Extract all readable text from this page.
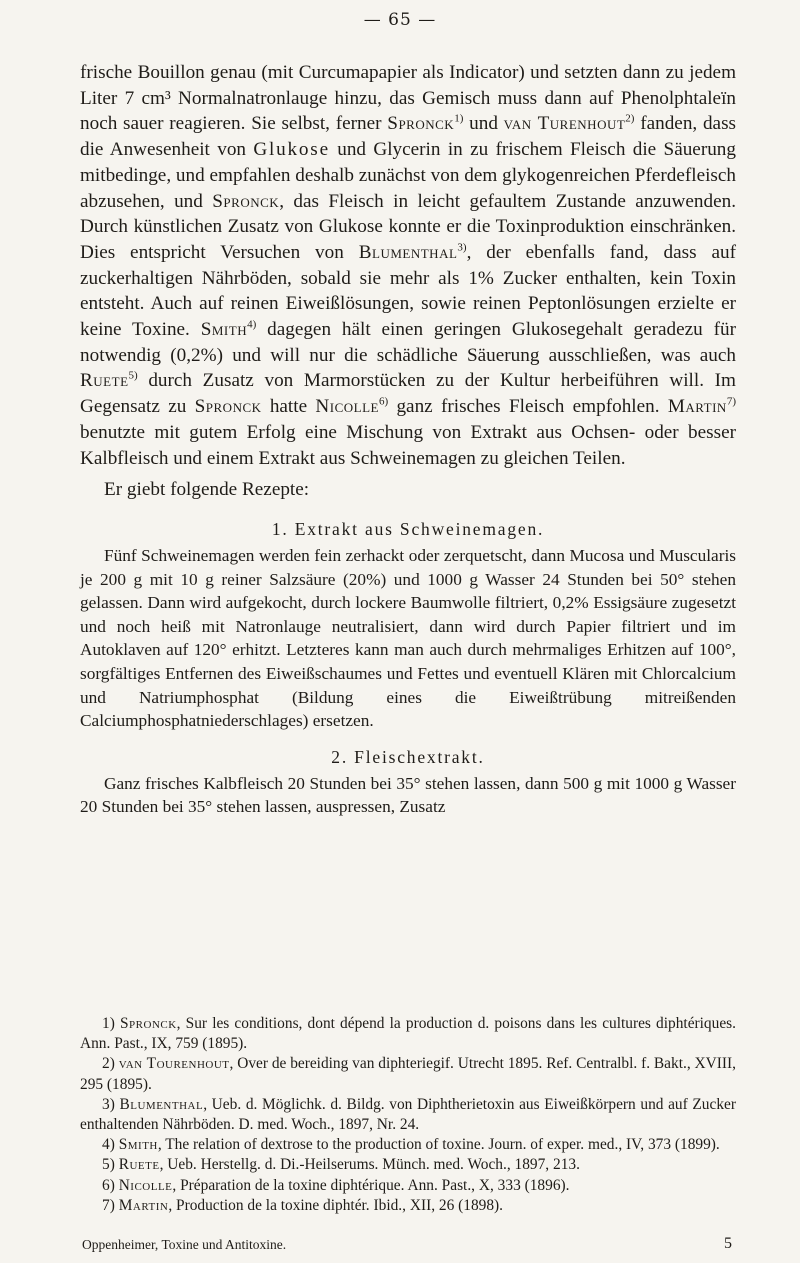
— 65 —

frische Bouillon genau (mit Curcumapapier als Indicator) und setzten dann zu jedem Liter 7 cm³ Normalnatronlauge hinzu, das Gemisch muss dann auf Phenolphtaleïn noch sauer reagieren. Sie selbst, ferner Spronck$^{1)}$ und van Turenhout$^{2)}$ fanden, dass die Anwesenheit von Glukose und Glycerin in zu frischem Fleisch die Säuerung mitbedinge, und empfahlen deshalb zunächst von dem glykogenreichen Pferdefleisch abzusehen, und Spronck, das Fleisch in leicht gefaultem Zustande anzuwenden. Durch künstlichen Zusatz von Glukose konnte er die Toxinproduktion einschränken. Dies entspricht Versuchen von Blumenthal$^{3)}$, der ebenfalls fand, dass auf zuckerhaltigen Nährböden, sobald sie mehr als 1% Zucker enthalten, kein Toxin entsteht. Auch auf reinen Eiweißlösungen, sowie reinen Peptonlösungen erzielte er keine Toxine. Smith$^{4)}$ dagegen hält einen geringen Glukosegehalt geradezu für notwendig (0,2%) und will nur die schädliche Säuerung ausschließen, was auch Ruete$^{5)}$ durch Zusatz von Marmorstücken zu der Kultur herbeiführen will. Im Gegensatz zu Spronck hatte Nicolle$^{6)}$ ganz frisches Fleisch empfohlen. Martin$^{7)}$ benutzte mit gutem Erfolg eine Mischung von Extrakt aus Ochsen- oder besser Kalbfleisch und einem Extrakt aus Schweinemagen zu gleichen Teilen.

Er giebt folgende Rezepte:

1. Extrakt aus Schweinemagen.

Fünf Schweinemagen werden fein zerhackt oder zerquetscht, dann Mucosa und Muscularis je 200 g mit 10 g reiner Salzsäure (20%) und 1000 g Wasser 24 Stunden bei 50° stehen gelassen. Dann wird aufgekocht, durch lockere Baumwolle filtriert, 0,2% Essigsäure zugesetzt und noch heiß mit Natronlauge neutralisiert, dann wird durch Papier filtriert und im Autoklaven auf 120° erhitzt. Letzteres kann man auch durch mehrmaliges Erhitzen auf 100°, sorgfältiges Entfernen des Eiweißschaumes und Fettes und eventuell Klären mit Chlorcalcium und Natriumphosphat (Bildung eines die Eiweißtrübung mitreißenden Calciumphosphatniederschlages) ersetzen.

2. Fleischextrakt.

Ganz frisches Kalbfleisch 20 Stunden bei 35° stehen lassen, dann 500 g mit 1000 g Wasser 20 Stunden bei 35° stehen lassen, auspressen, Zusatz

1) Spronck, Sur les conditions, dont dépend la production d. poisons dans les cultures diphtériques. Ann. Past., IX, 759 (1895).

2) van Tourenhout, Over de bereiding van diphteriegif. Utrecht 1895. Ref. Centralbl. f. Bakt., XVIII, 295 (1895).

3) Blumenthal, Ueb. d. Möglichk. d. Bildg. von Diphtherietoxin aus Eiweißkörpern und auf Zucker enthaltenden Nährböden. D. med. Woch., 1897, Nr. 24.

4) Smith, The relation of dextrose to the production of toxine. Journ. of exper. med., IV, 373 (1899).

5) Ruete, Ueb. Herstellg. d. Di.-Heilserums. Münch. med. Woch., 1897, 213.

6) Nicolle, Préparation de la toxine diphtérique. Ann. Past., X, 333 (1896).

7) Martin, Production de la toxine diphtér. Ibid., XII, 26 (1898).

Oppenheimer, Toxine und Antitoxine.	5
